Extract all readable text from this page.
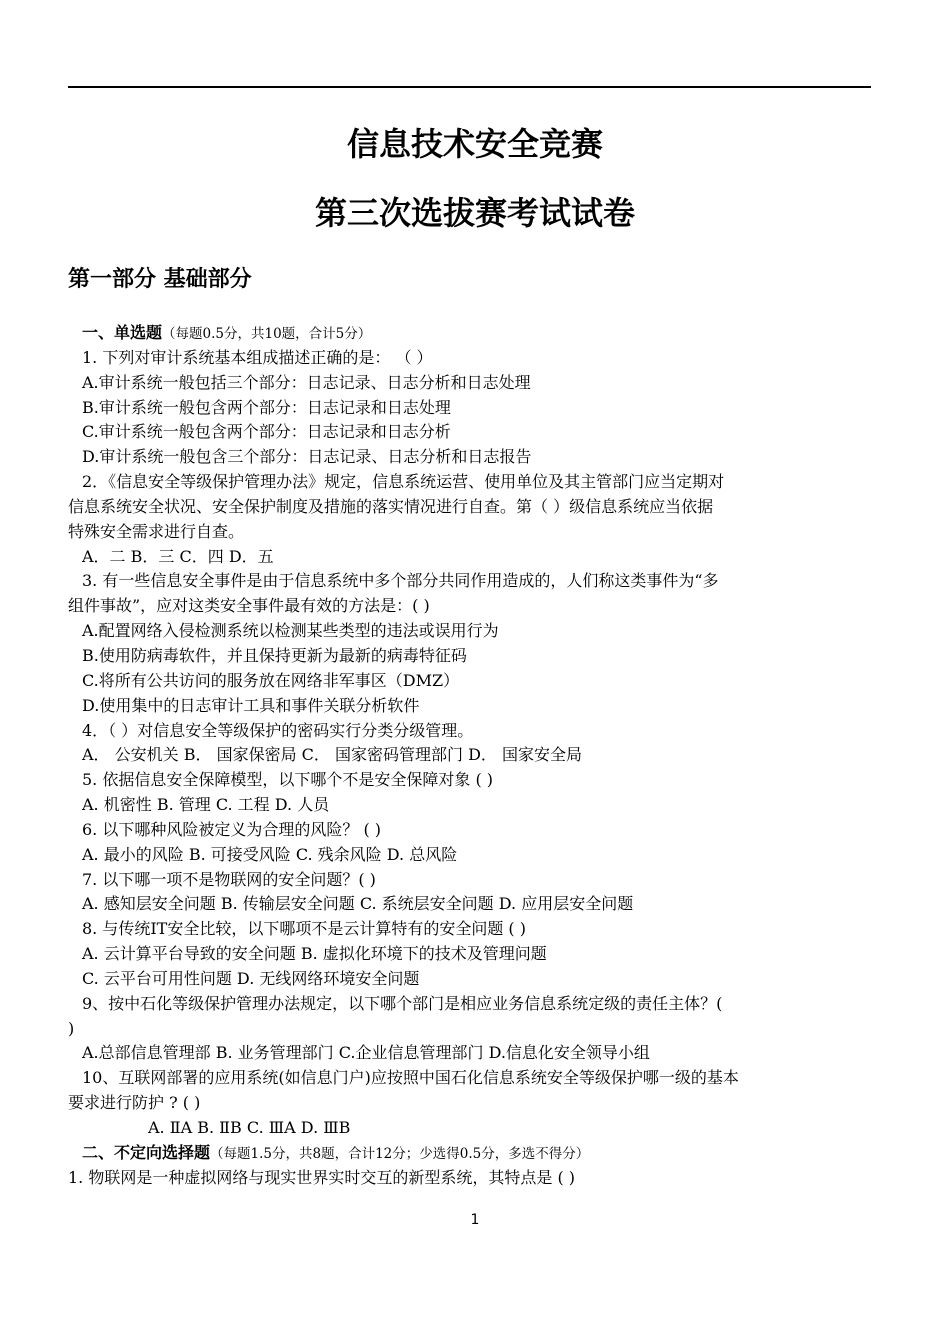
信息技术安全竞赛
第三次选拔赛考试试卷
第一部分 基础部分
一、单选题（每题0.5分，共10题，合计5分）
1. 下列对审计系统基本组成描述正确的是： （ ）
A.审计系统一般包括三个部分：日志记录、日志分析和日志处理
B.审计系统一般包含两个部分：日志记录和日志处理
C.审计系统一般包含两个部分：日志记录和日志分析
D.审计系统一般包含三个部分：日志记录、日志分析和日志报告
2．《信息安全等级保护管理办法》规定，信息系统运营、使用单位及其主管部门应当定期对
信息系统安全状况、安全保护制度及措施的落实情况进行自查。第（ ）级信息系统应当依据
特殊安全需求进行自查。
A．二 B．三 C．四 D．五
3. 有一些信息安全事件是由于信息系统中多个部分共同作用造成的，人们称这类事件为“多
组件事故”，应对这类安全事件最有效的方法是：( )
A.配置网络入侵检测系统以检测某些类型的违法或误用行为
B.使用防病毒软件，并且保持更新为最新的病毒特征码
C.将所有公共访问的服务放在网络非军事区（DMZ）
D.使用集中的日志审计工具和事件关联分析软件
4．（ ）对信息安全等级保护的密码实行分类分级管理。
A． 公安机关 B． 国家保密局 C． 国家密码管理部门 D． 国家安全局
5. 依据信息安全保障模型，以下哪个不是安全保障对象 ( )
A. 机密性 B. 管理 C. 工程 D. 人员
6. 以下哪种风险被定义为合理的风险？ ( )
A. 最小的风险 B. 可接受风险 C. 残余风险 D. 总风险
7. 以下哪一项不是物联网的安全问题？( )
A. 感知层安全问题 B. 传输层安全问题 C. 系统层安全问题 D. 应用层安全问题
8. 与传统IT安全比较，以下哪项不是云计算特有的安全问题 ( )
A. 云计算平台导致的安全问题 B. 虚拟化环境下的技术及管理问题
C. 云平台可用性问题 D. 无线网络环境安全问题
9、按中石化等级保护管理办法规定，以下哪个部门是相应业务信息系统定级的责任主体？(
)
A.总部信息管理部 B. 业务管理部门 C.企业信息管理部门 D.信息化安全领导小组
10、互联网部署的应用系统(如信息门户)应按照中国石化信息系统安全等级保护哪一级的基本
要求进行防护 ? ( )
A. ⅡA B. ⅡB C. ⅢA D. ⅢB
二、不定向选择题（每题1.5分，共8题，合计12分；少选得0.5分，多选不得分）
1. 物联网是一种虚拟网络与现实世界实时交互的新型系统，其特点是 ( )
1
